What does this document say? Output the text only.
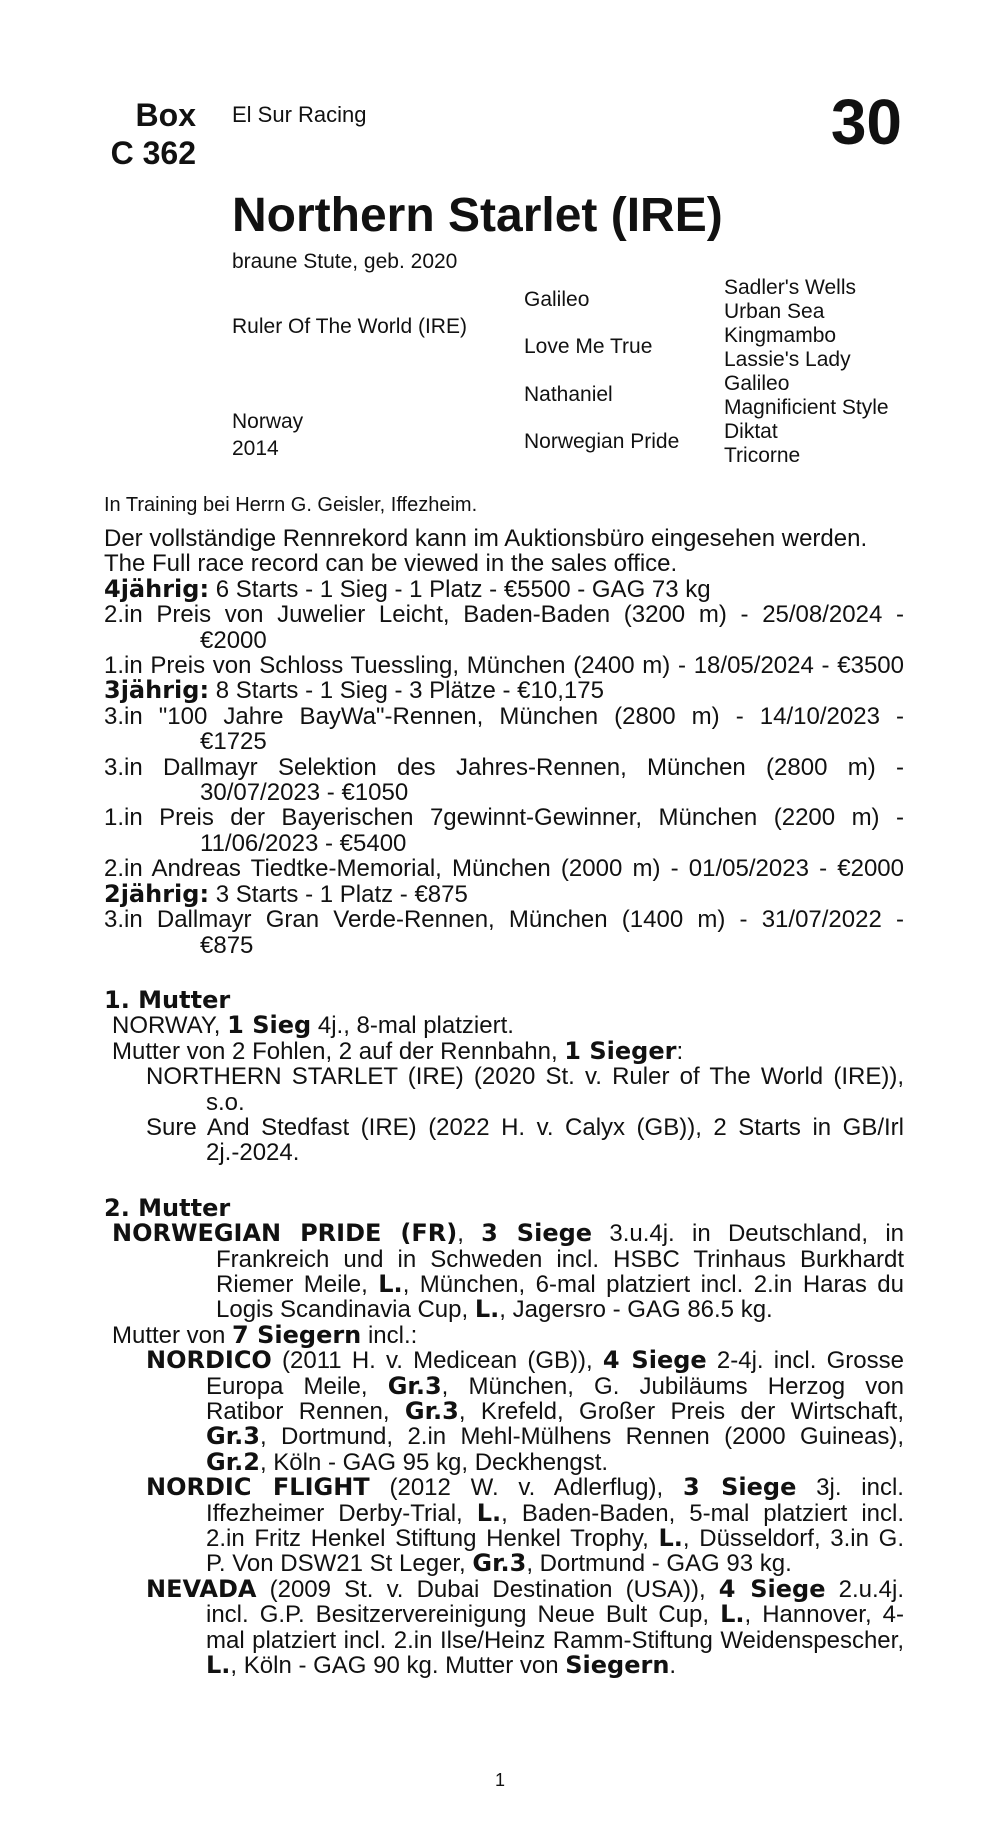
Box
C 362
El Sur Racing	30
Northern Starlet (IRE)
braune Stute, geb. 2020
Ruler Of The World (IRE)
Norway
2014
Galileo
Love Me True
Nathaniel
Norwegian Pride
Sadler's Wells
Urban Sea
Kingmambo
Lassie's Lady
Galileo
Magnificient Style
Diktat
Tricorne
In Training bei Herrn G. Geisler, Iffezheim.
Der vollständige Rennrekord kann im Auktionsbüro eingesehen werden.
The Full race record can be viewed in the sales office.
4jährig: 6 Starts - 1 Sieg - 1 Platz - €5500 - GAG 73 kg
2.in Preis von Juwelier Leicht, Baden-Baden (3200 m) - 25/08/2024 -
€2000
1.in Preis von Schloss Tuessling, München (2400 m) - 18/05/2024 - €3500
3jährig: 8 Starts - 1 Sieg - 3 Plätze - €10,175
3.in "100 Jahre BayWa"-Rennen, München (2800 m) - 14/10/2023 -
€1725
3.in Dallmayr Selektion des Jahres-Rennen, München (2800 m) -
30/07/2023 - €1050
1.in Preis der Bayerischen 7gewinnt-Gewinner, München (2200 m) -
11/06/2023 - €5400
2.in Andreas Tiedtke-Memorial, München (2000 m) - 01/05/2023 - €2000
2jährig: 3 Starts - 1 Platz - €875
3.in Dallmayr Gran Verde-Rennen, München (1400 m) - 31/07/2022 -
€875
1. Mutter
NORWAY, 1 Sieg 4j., 8-mal platziert.
Mutter von 2 Fohlen, 2 auf der Rennbahn, 1 Sieger:
NORTHERN STARLET (IRE) (2020 St. v. Ruler of The World (IRE)),
s.o.
Sure And Stedfast (IRE) (2022 H. v. Calyx (GB)), 2 Starts in GB/Irl
2j.-2024.
2. Mutter
NORWEGIAN PRIDE (FR), 3 Siege 3.u.4j. in Deutschland, in
Frankreich und in Schweden incl. HSBC Trinhaus Burkhardt
Riemer Meile, L., München, 6-mal platziert incl. 2.in Haras du
Logis Scandinavia Cup, L., Jagersro - GAG 86.5 kg.
Mutter von 7 Siegern incl.:
NORDICO (2011 H. v. Medicean (GB)), 4 Siege 2-4j. incl. Grosse
Europa Meile, Gr.3, München, G. Jubiläums Herzog von
Ratibor Rennen, Gr.3, Krefeld, Großer Preis der Wirtschaft,
Gr.3, Dortmund, 2.in Mehl-Mülhens Rennen (2000 Guineas),
Gr.2, Köln - GAG 95 kg, Deckhengst.
NORDIC FLIGHT (2012 W. v. Adlerflug), 3 Siege 3j. incl.
Iffezheimer Derby-Trial, L., Baden-Baden, 5-mal platziert incl.
2.in Fritz Henkel Stiftung Henkel Trophy, L., Düsseldorf, 3.in G.
P. Von DSW21 St Leger, Gr.3, Dortmund - GAG 93 kg.
NEVADA (2009 St. v. Dubai Destination (USA)), 4 Siege 2.u.4j.
incl. G.P. Besitzervereinigung Neue Bult Cup, L., Hannover, 4-
mal platziert incl. 2.in Ilse/Heinz Ramm-Stiftung Weidenspescher,
L., Köln - GAG 90 kg. Mutter von Siegern.
1
